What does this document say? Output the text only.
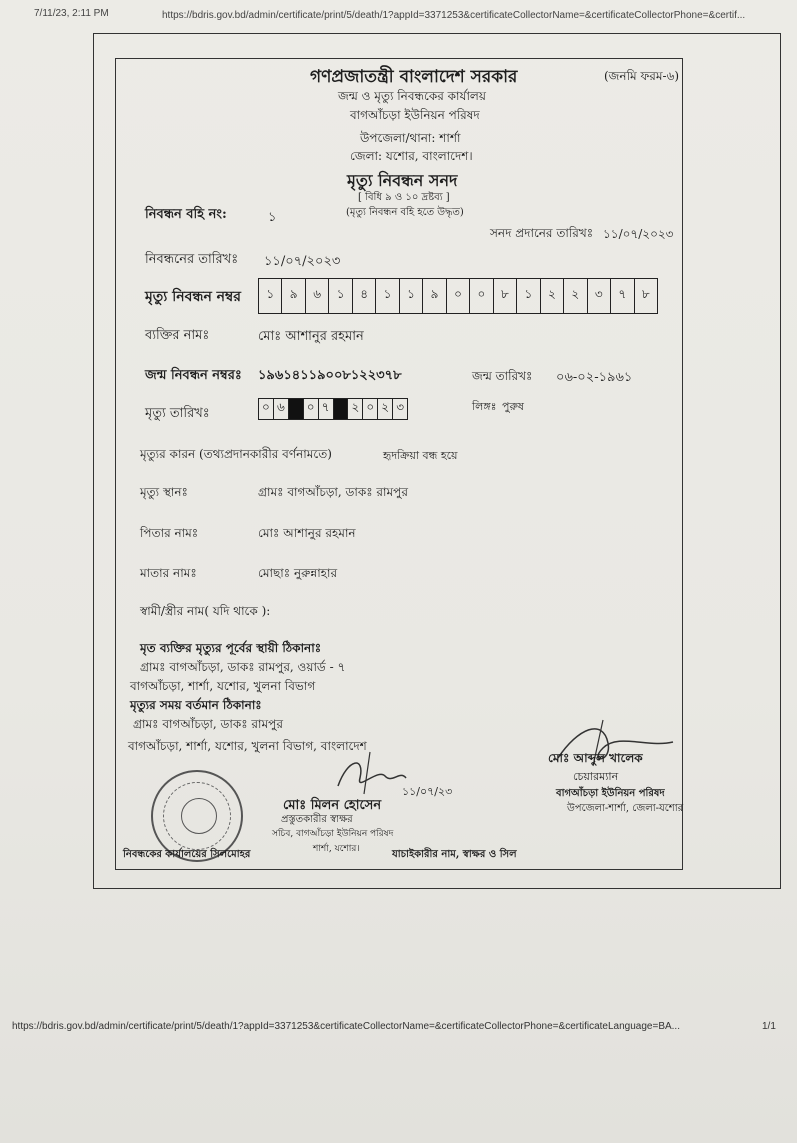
7/11/23, 2:11 PM	https://bdris.gov.bd/admin/certificate/print/5/death/1?appId=3371253&certificateCollectorName=&certificateCollectorPhone=&certif...
গণপ্রজাতন্ত্রী বাংলাদেশ সরকার	(জনমি ফরম-৬)
জন্ম ও মৃত্যু নিবন্ধকের কার্যালয়
বাগআঁচড়া ইউনিয়ন পরিষদ
উপজেলা/থানা: শার্শা
জেলা: যশোর, বাংলাদেশ।
মৃত্যু নিবন্ধন সনদ
[ বিধি ৯ ও ১০ দ্রষ্টব্য ]
(মৃত্যু নিবন্ধন বহি হতে উদ্ধৃত)
নিবন্ধন বহি নং:	১
সনদ প্রদানের তারিখঃ ১১/০৭/২০২৩
নিবন্ধনের তারিখঃ ১১/০৭/২০২৩
মৃত্যু নিবন্ধন নম্বর	১	৯	৬	১	৪	১	১	৯	০	০	৮	১	২	২	৩	৭	৮
ব্যক্তির নামঃ	মোঃ আশানুর রহমান
জন্ম নিবন্ধন নম্বরঃ ১৯৬১৪১১৯০০৮১২২৩৭৮	জন্ম তারিখঃ ০৬-০২-১৯৬১
মৃত্যু তারিখঃ	০ ৬	০ ৭	২ ০ ২ ৩	লিঙ্গঃ পুরুষ
মৃত্যুর কারন (তথ্যপ্রদানকারীর বর্ণনামতে)	হৃদক্রিয়া বন্ধ হয়ে
মৃত্যু স্থানঃ	গ্রামঃ বাগআঁচড়া, ডাকঃ রামপুর
পিতার নামঃ	মোঃ আশানুর রহমান
মাতার নামঃ	মোছাঃ নুরুন্নাহার
স্বামী/স্ত্রীর নাম( যদি থাকে ):
মৃত ব্যক্তির মৃত্যুর পূর্বের স্থায়ী ঠিকানাঃ
গ্রামঃ বাগআঁচড়া, ডাকঃ রামপুর, ওয়ার্ড - ৭
বাগআঁচড়া, শার্শা, যশোর, খুলনা বিভাগ
মৃত্যুর সময় বর্তমান ঠিকানাঃ
গ্রামঃ বাগআঁচড়া, ডাকঃ রামপুর
বাগআঁচড়া, শার্শা, যশোর, খুলনা বিভাগ, বাংলাদেশ
মোঃ আব্দুল খালেক
চেয়ারম্যান
বাগআঁচড়া ইউনিয়ন পরিষদ
উপজেলা-শার্শা, জেলা-যশোর
১১/০৭/২৩
মোঃ মিলন হোসেন
প্রস্তুতকারীর স্বাক্ষর
সচিব, বাগআঁচড়া ইউনিয়ন পরিষদ
শার্শা, যশোর।
নিবন্ধকের কার্যালয়ের সিলমোহর	যাচাইকারীর নাম, স্বাক্ষর ও সিল
https://bdris.gov.bd/admin/certificate/print/5/death/1?appId=3371253&certificateCollectorName=&certificateCollectorPhone=&certificateLanguage=BA...	1/1
